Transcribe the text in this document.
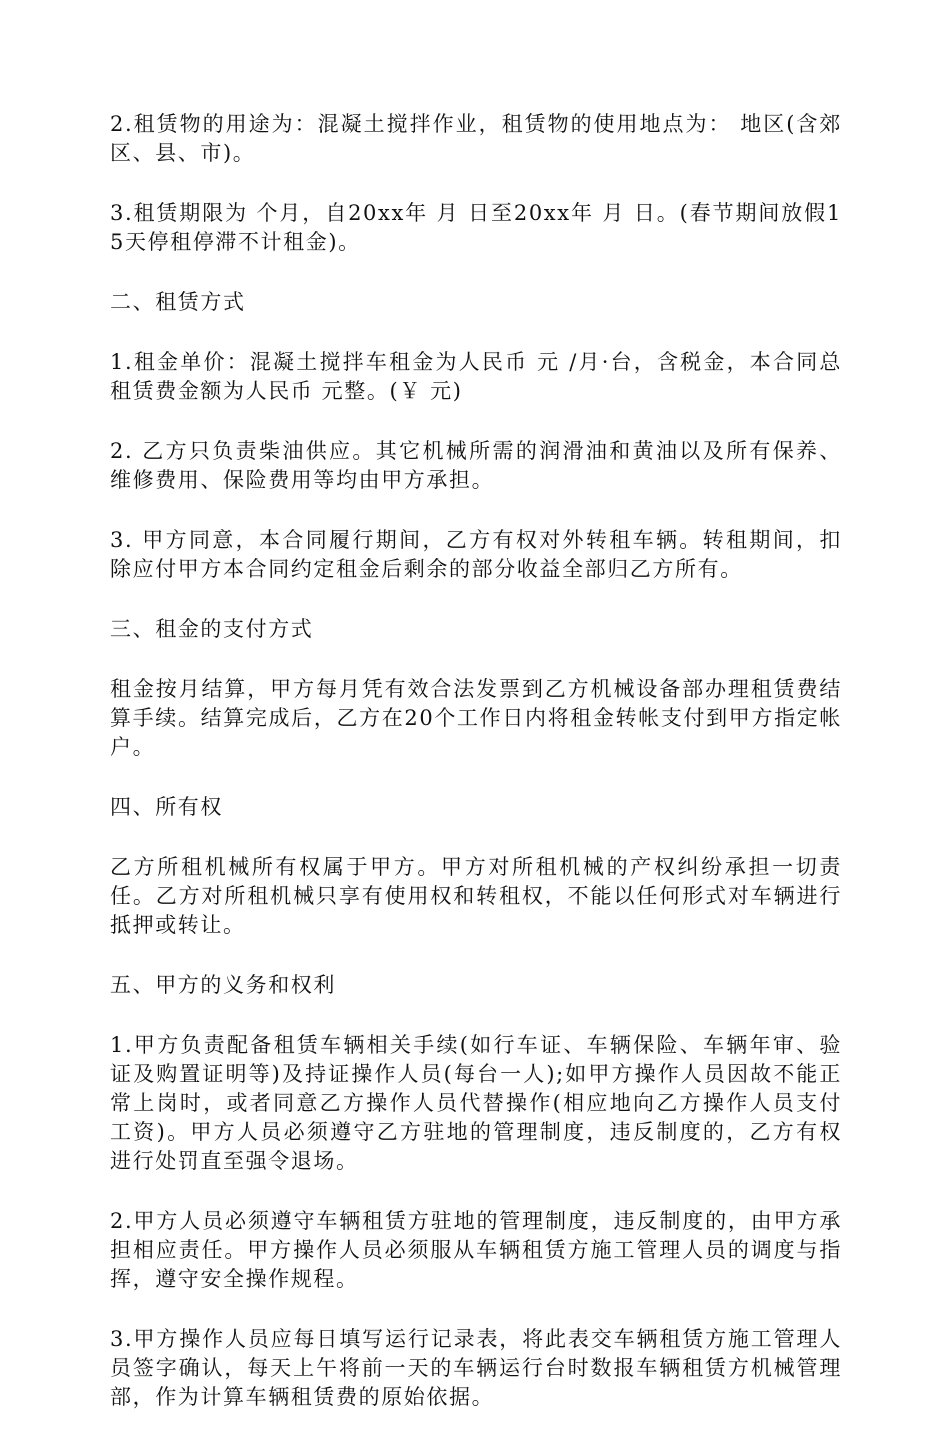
2.租赁物的用途为：混凝土搅拌作业，租赁物的使用地点为： 地区(含郊区、县、市)。

3.租赁期限为 个月，自20xx年 月 日至20xx年 月 日。(春节期间放假15天停租停滞不计租金)。

二、租赁方式

1.租金单价：混凝土搅拌车租金为人民币 元 /月·台，含税金，本合同总租赁费金额为人民币 元整。(￥ 元)

2. 乙方只负责柴油供应。其它机械所需的润滑油和黄油以及所有保养、维修费用、保险费用等均由甲方承担。

3. 甲方同意，本合同履行期间，乙方有权对外转租车辆。转租期间，扣除应付甲方本合同约定租金后剩余的部分收益全部归乙方所有。

三、租金的支付方式

租金按月结算，甲方每月凭有效合法发票到乙方机械设备部办理租赁费结算手续。结算完成后，乙方在20个工作日内将租金转帐支付到甲方指定帐户。

四、所有权

乙方所租机械所有权属于甲方。甲方对所租机械的产权纠纷承担一切责任。乙方对所租机械只享有使用权和转租权，不能以任何形式对车辆进行抵押或转让。

五、甲方的义务和权利

1.甲方负责配备租赁车辆相关手续(如行车证、车辆保险、车辆年审、验证及购置证明等)及持证操作人员(每台一人);如甲方操作人员因故不能正常上岗时，或者同意乙方操作人员代替操作(相应地向乙方操作人员支付工资)。甲方人员必须遵守乙方驻地的管理制度，违反制度的，乙方有权进行处罚直至强令退场。

2.甲方人员必须遵守车辆租赁方驻地的管理制度，违反制度的，由甲方承担相应责任。甲方操作人员必须服从车辆租赁方施工管理人员的调度与指挥，遵守安全操作规程。

3.甲方操作人员应每日填写运行记录表，将此表交车辆租赁方施工管理人员签字确认，每天上午将前一天的车辆运行台时数报车辆租赁方机械管理部，作为计算车辆租赁费的原始依据。
